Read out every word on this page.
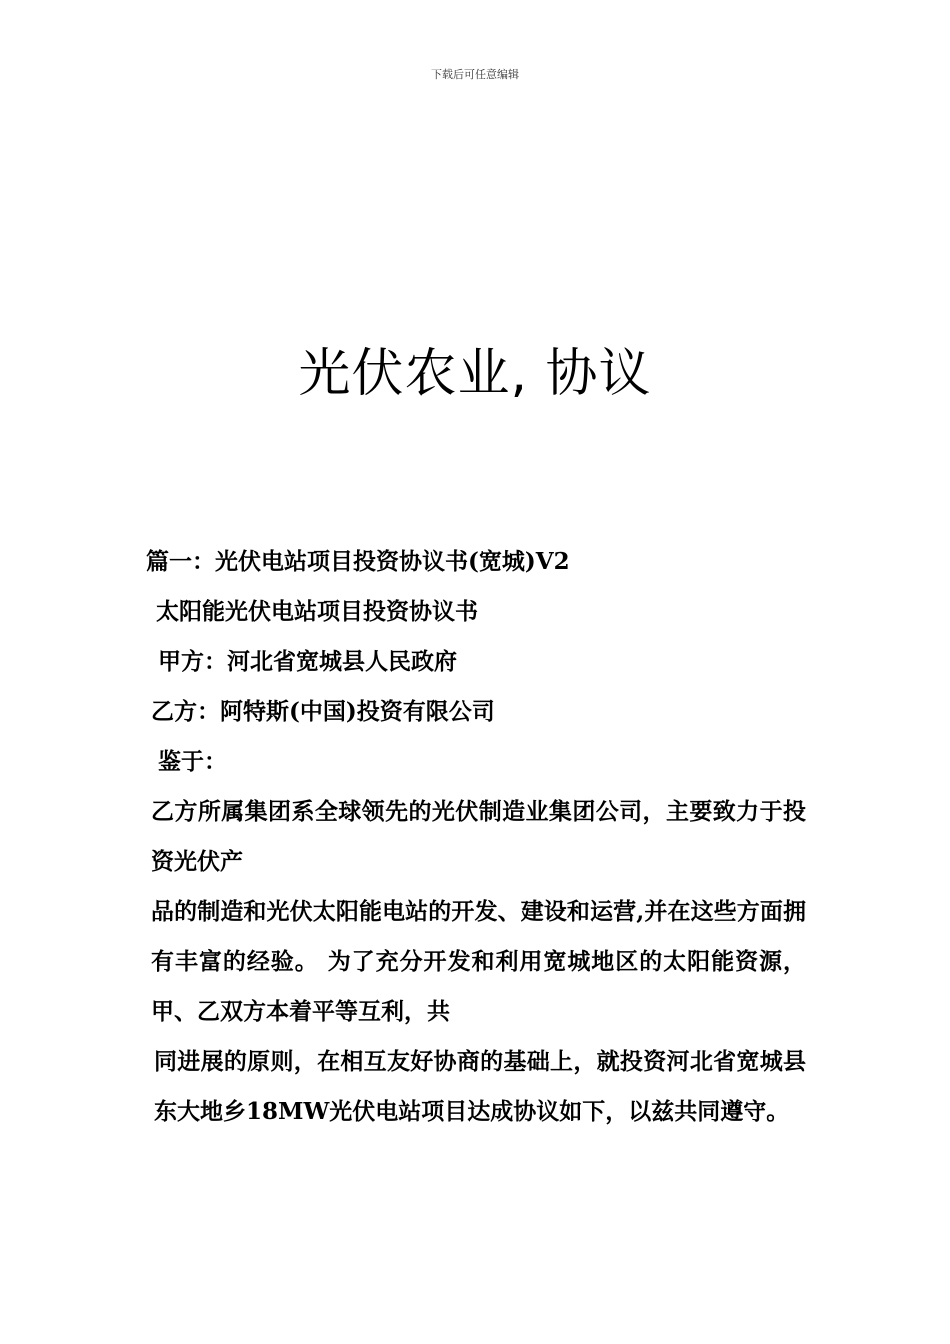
下载后可任意编辑
光伏农业, 协议
篇一：光伏电站项目投资协议书(宽城)V2
太阳能光伏电站项目投资协议书
甲方：河北省宽城县人民政府
乙方：阿特斯(中国)投资有限公司
鉴于：
乙方所属集团系全球领先的光伏制造业集团公司，主要致力于投资光伏产
品的制造和光伏太阳能电站的开发、建设和运营,并在这些方面拥有丰富的经验。 为了充分开发和利用宽城地区的太阳能资源，甲、乙双方本着平等互利，共
同进展的原则，在相互友好协商的基础上，就投资河北省宽城县东大地乡18MW光伏电站项目达成协议如下，以兹共同遵守。
